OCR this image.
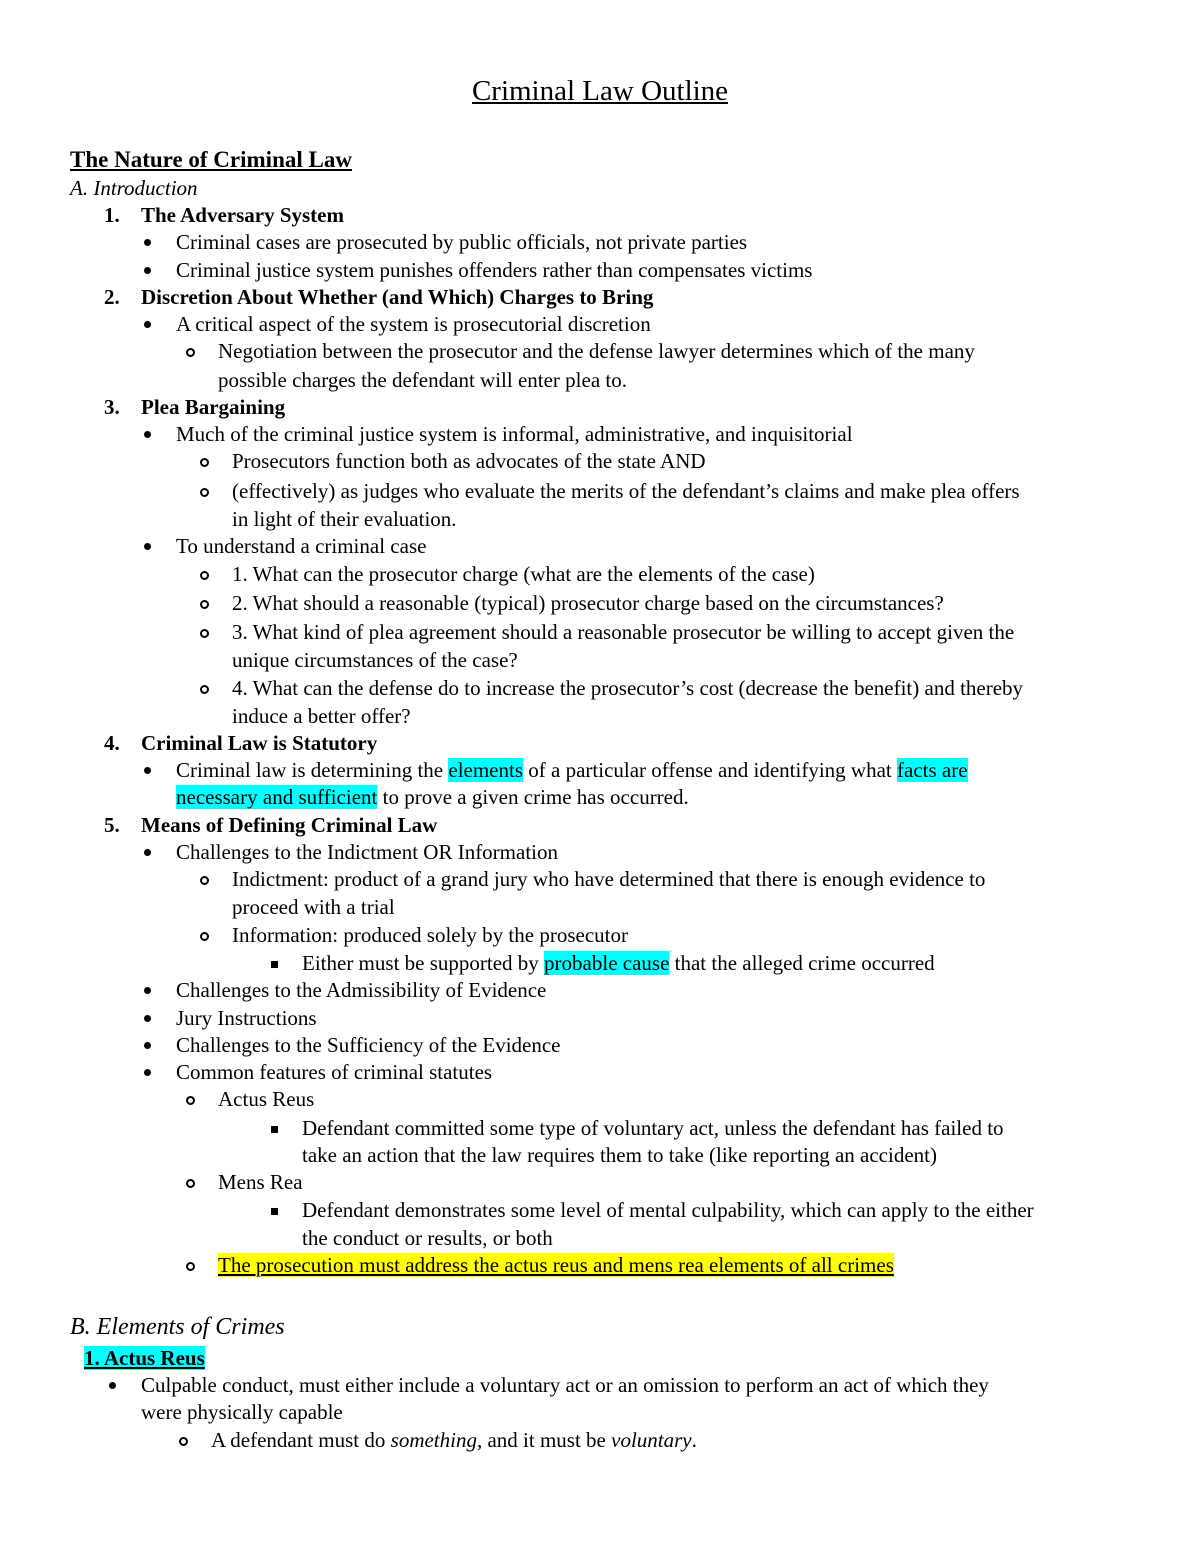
Criminal Law Outline
The Nature of Criminal Law
A. Introduction
1. The Adversary System
Criminal cases are prosecuted by public officials, not private parties
Criminal justice system punishes offenders rather than compensates victims
2. Discretion About Whether (and Which) Charges to Bring
A critical aspect of the system is prosecutorial discretion
Negotiation between the prosecutor and the defense lawyer determines which of the many
possible charges the defendant will enter plea to.
3. Plea Bargaining
Much of the criminal justice system is informal, administrative, and inquisitorial
Prosecutors function both as advocates of the state AND
(effectively) as judges who evaluate the merits of the defendant’s claims and make plea offers
in light of their evaluation.
To understand a criminal case
1. What can the prosecutor charge (what are the elements of the case)
2. What should a reasonable (typical) prosecutor charge based on the circumstances?
3. What kind of plea agreement should a reasonable prosecutor be willing to accept given the
unique circumstances of the case?
4. What can the defense do to increase the prosecutor’s cost (decrease the benefit) and thereby
induce a better offer?
4. Criminal Law is Statutory
Criminal law is determining the elements of a particular offense and identifying what facts are
necessary and sufficient to prove a given crime has occurred.
5. Means of Defining Criminal Law
Challenges to the Indictment OR Information
Indictment: product of a grand jury who have determined that there is enough evidence to
proceed with a trial
Information: produced solely by the prosecutor
Either must be supported by probable cause that the alleged crime occurred
Challenges to the Admissibility of Evidence
Jury Instructions
Challenges to the Sufficiency of the Evidence
Common features of criminal statutes
Actus Reus
Defendant committed some type of voluntary act, unless the defendant has failed to
take an action that the law requires them to take (like reporting an accident)
Mens Rea
Defendant demonstrates some level of mental culpability, which can apply to the either
the conduct or results, or both
The prosecution must address the actus reus and mens rea elements of all crimes
B. Elements of Crimes
1. Actus Reus
Culpable conduct, must either include a voluntary act or an omission to perform an act of which they
were physically capable
A defendant must do something, and it must be voluntary.
